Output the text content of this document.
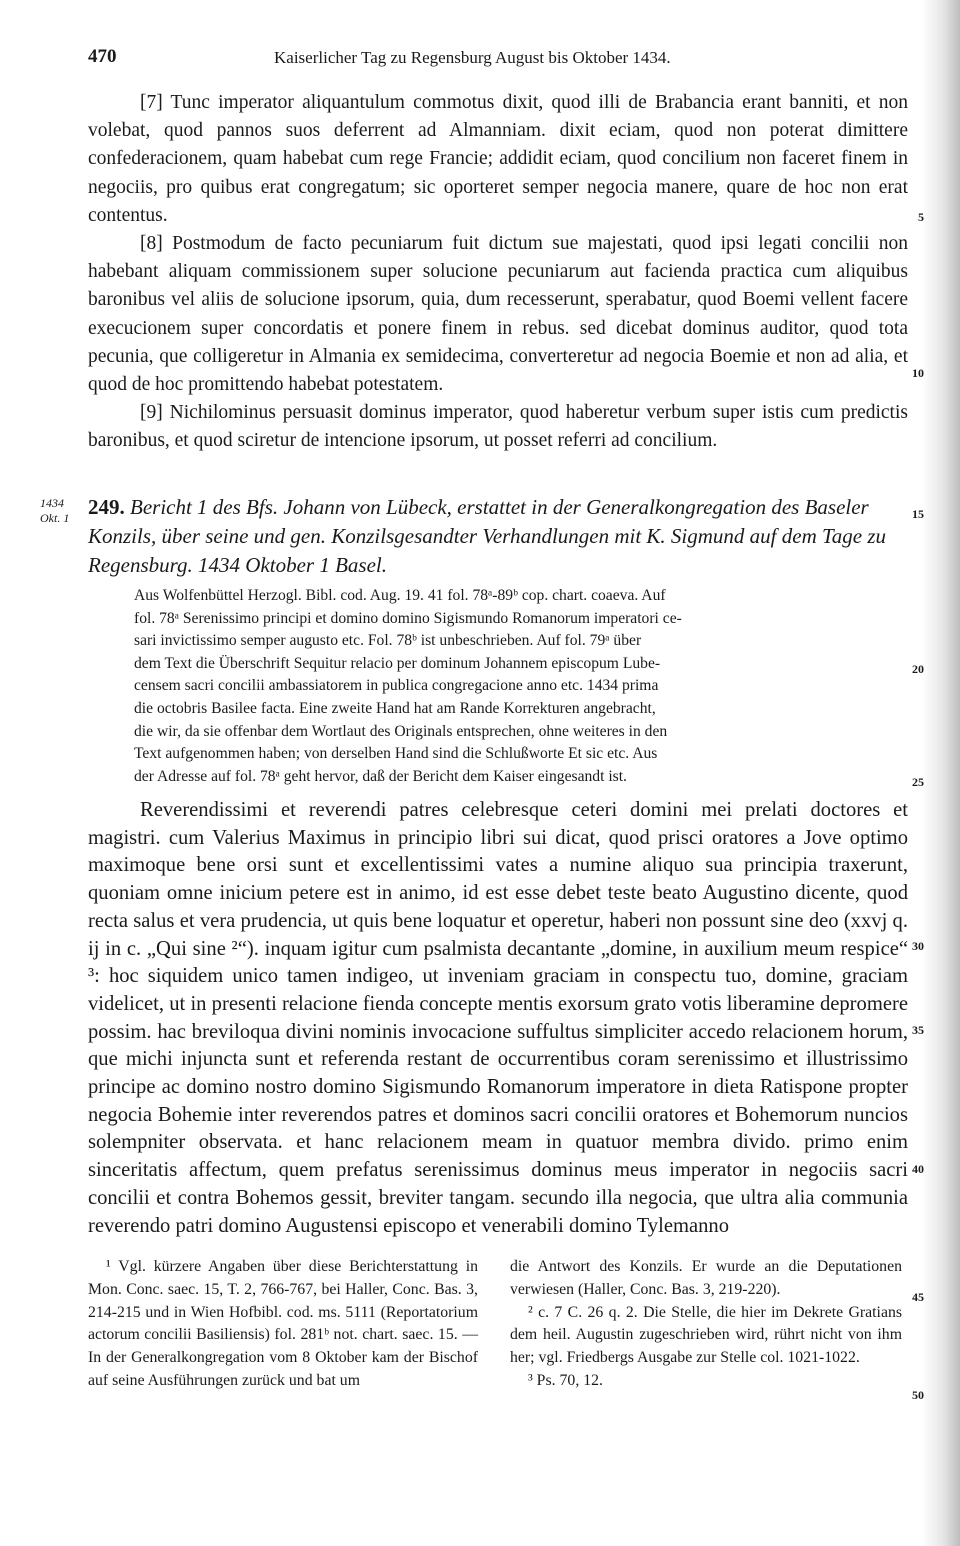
470	Kaiserlicher Tag zu Regensburg August bis Oktober 1434.

[7] Tunc imperator aliquantulum commotus dixit, quod illi de Brabancia erant banniti, et non volebat, quod pannos suos deferrent ad Almanniam. dixit eciam, quod non poterat dimittere confederacionem, quam habebat cum rege Francie; addidit eciam, quod concilium non faceret finem in negociis, pro quibus erat congregatum; sic oporteret semper negocia manere, quare de hoc non erat contentus.

[8] Postmodum de facto pecuniarum fuit dictum sue majestati, quod ipsi legati concilii non habebant aliquam commissionem super solucione pecuniarum aut facienda practica cum aliquibus baronibus vel aliis de solucione ipsorum, quia, dum recesserunt, sperabatur, quod Boemi vellent facere execucionem super concordatis et ponere finem in rebus. sed dicebat dominus auditor, quod tota pecunia, que colligeretur in Almania ex semidecima, converteretur ad negocia Boemie et non ad alia, et quod de hoc promittendo habebat potestatem.

[9] Nichilominus persuasit dominus imperator, quod haberetur verbum super istis cum predictis baronibus, et quod sciretur de intencione ipsorum, ut posset referri ad concilium.

1434
Okt. 1 249. Bericht 1 des Bfs. Johann von Lübeck, erstattet in der Generalkongregation des Baseler Konzils, über seine und gen. Konzilsgesandter Verhandlungen mit K. Sigmund auf dem Tage zu Regensburg. 1434 Oktober 1 Basel.
Aus Wolfenbüttel Herzogl. Bibl. cod. Aug. 19. 41 fol. 78ᵃ-89ᵇ cop. chart. coaeva. Auf
fol. 78ᵃ Serenissimo principi et domino domino Sigismundo Romanorum imperatori ce-
sari invictissimo semper augusto etc. Fol. 78ᵇ ist unbeschrieben. Auf fol. 79ᵃ über
dem Text die Überschrift Sequitur relacio per dominum Johannem episcopum Lube-
censem sacri concilii ambassiatorem in publica congregacione anno etc. 1434 prima
die octobris Basilee facta. Eine zweite Hand hat am Rande Korrekturen angebracht,
die wir, da sie offenbar dem Wortlaut des Originals entsprechen, ohne weiteres in den
Text aufgenommen haben; von derselben Hand sind die Schlußworte Et sic etc. Aus
der Adresse auf fol. 78ᵃ geht hervor, daß der Bericht dem Kaiser eingesandt ist.

Reverendissimi et reverendi patres celebresque ceteri domini mei prelati doctores et magistri. cum Valerius Maximus in principio libri sui dicat, quod prisci oratores a Jove optimo maximoque bene orsi sunt et excellentissimi vates a numine aliquo sua principia traxerunt, quoniam omne inicium petere est in animo, id est esse debet teste beato Augustino dicente, quod recta salus et vera prudencia, ut quis bene loquatur et operetur, haberi non possunt sine deo (xxvj q. ij in c. „Qui sine ²“). inquam igitur cum psalmista decantante „domine, in auxilium meum respice“ ³: hoc siquidem unico tamen indigeo, ut inveniam graciam in conspectu tuo, domine, graciam videlicet, ut in presenti relacione fienda concepte mentis exorsum grato votis liberamine depromere possim. hac breviloqua divini nominis invocacione suffultus simpliciter accedo relacionem horum, que michi injuncta sunt et referenda restant de occurrentibus coram serenissimo et illustrissimo principe ac domino nostro domino Sigismundo Romanorum imperatore in dieta Ratispone propter negocia Bohemie inter reverendos patres et dominos sacri concilii oratores et Bohemorum nuncios solempniter observata. et hanc relacionem meam in quatuor membra divido. primo enim sinceritatis affectum, quem prefatus serenissimus dominus meus imperator in negociis sacri concilii et contra Bohemos gessit, breviter tangam. secundo illa negocia, que ultra alia communia reverendo patri domino Augustensi episcopo et venerabili domino Tylemanno

5
10
15
20
25
30
35
40
45
50

¹ Vgl. kürzere Angaben über diese Berichterstattung in Mon. Conc. saec. 15, T. 2, 766-767, bei Haller, Conc. Bas. 3, 214-215 und in Wien Hofbibl. cod. ms. 5111 (Reportatorium actorum concilii Basiliensis) fol. 281ᵇ not. chart. saec. 15. — In der Generalkongregation vom 8 Oktober kam der Bischof auf seine Ausführungen zurück und bat um

die Antwort des Konzils. Er wurde an die Deputationen verwiesen (Haller, Conc. Bas. 3, 219-220).

² c. 7 C. 26 q. 2. Die Stelle, die hier im Dekrete Gratians dem heil. Augustin zugeschrieben wird, rührt nicht von ihm her; vgl. Friedbergs Ausgabe zur Stelle col. 1021-1022.

³ Ps. 70, 12.
